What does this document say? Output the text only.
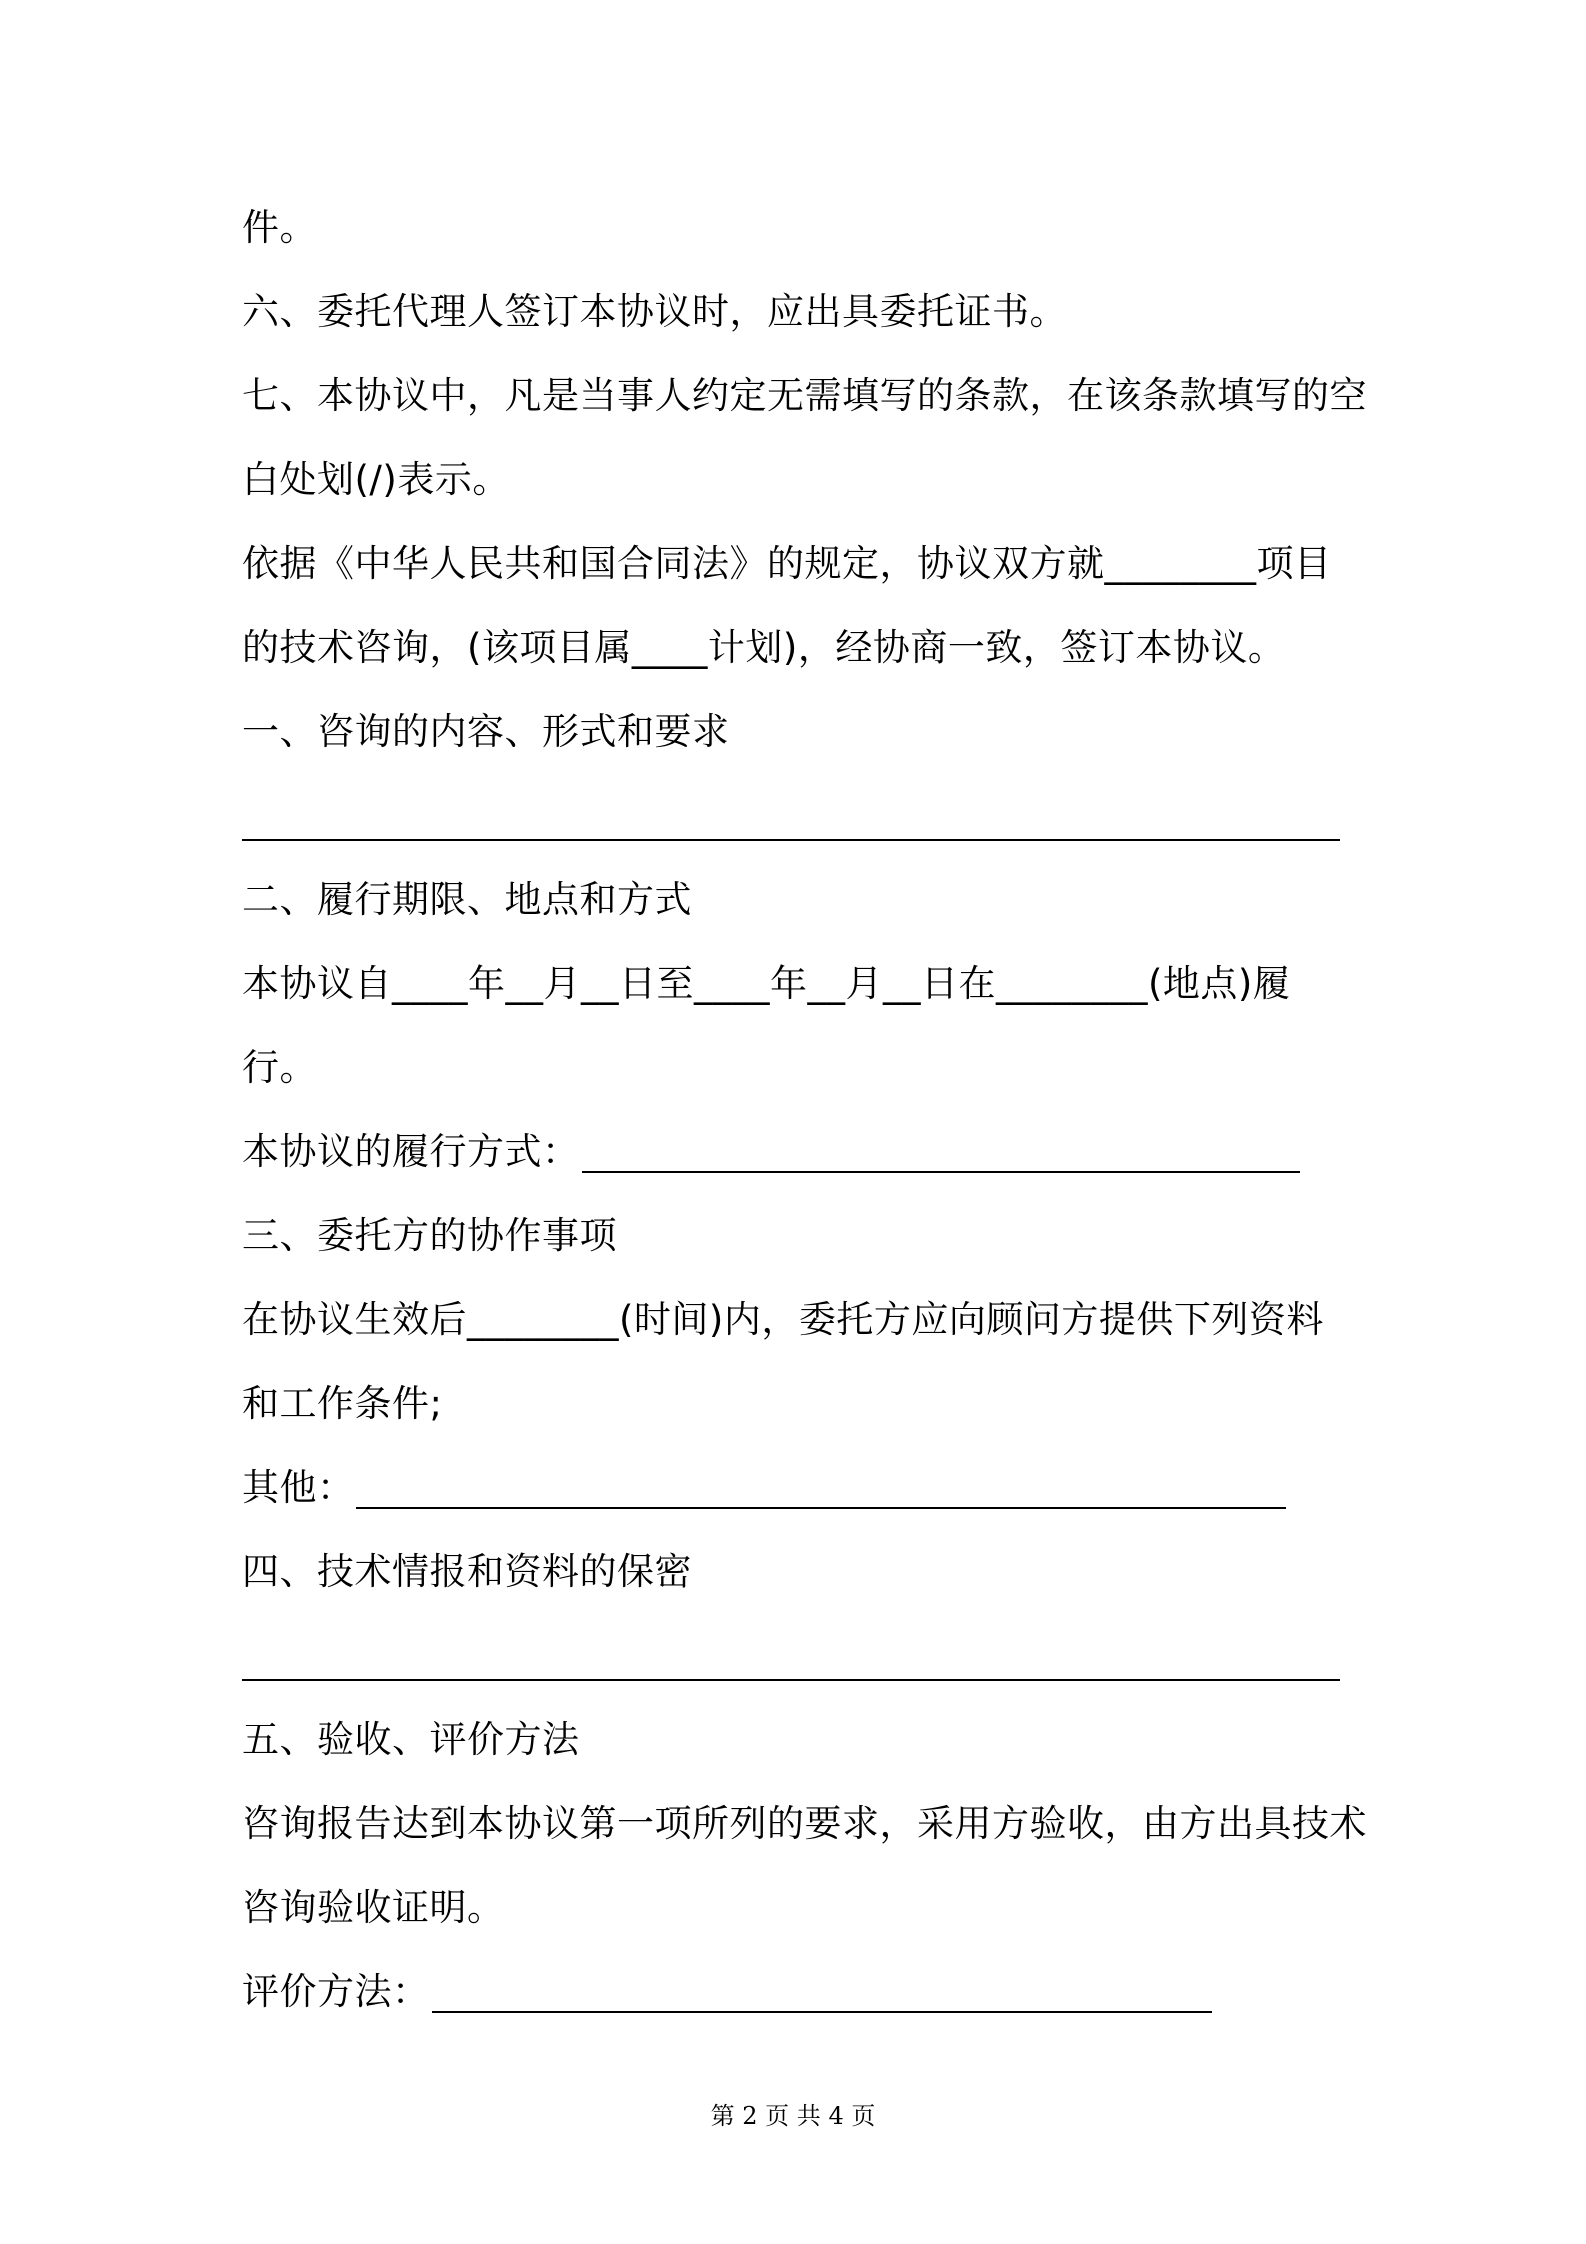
件。
六、委托代理人签订本协议时，应出具委托证书。
七、本协议中，凡是当事人约定无需填写的条款，在该条款填写的空
白处划(/)表示。
依据《中华人民共和国合同法》的规定，协议双方就________项目
的技术咨询，(该项目属____计划)，经协商一致，签订本协议。
一、咨询的内容、形式和要求
二、履行期限、地点和方式
本协议自____年__月__日至____年__月__日在________(地点)履
行。
本协议的履行方式：
三、委托方的协作事项
在协议生效后________(时间)内，委托方应向顾问方提供下列资料
和工作条件;
其他：
四、技术情报和资料的保密
五、验收、评价方法
咨询报告达到本协议第一项所列的要求，采用方验收，由方出具技术
咨询验收证明。
评价方法：
第 2 页 共 4 页
